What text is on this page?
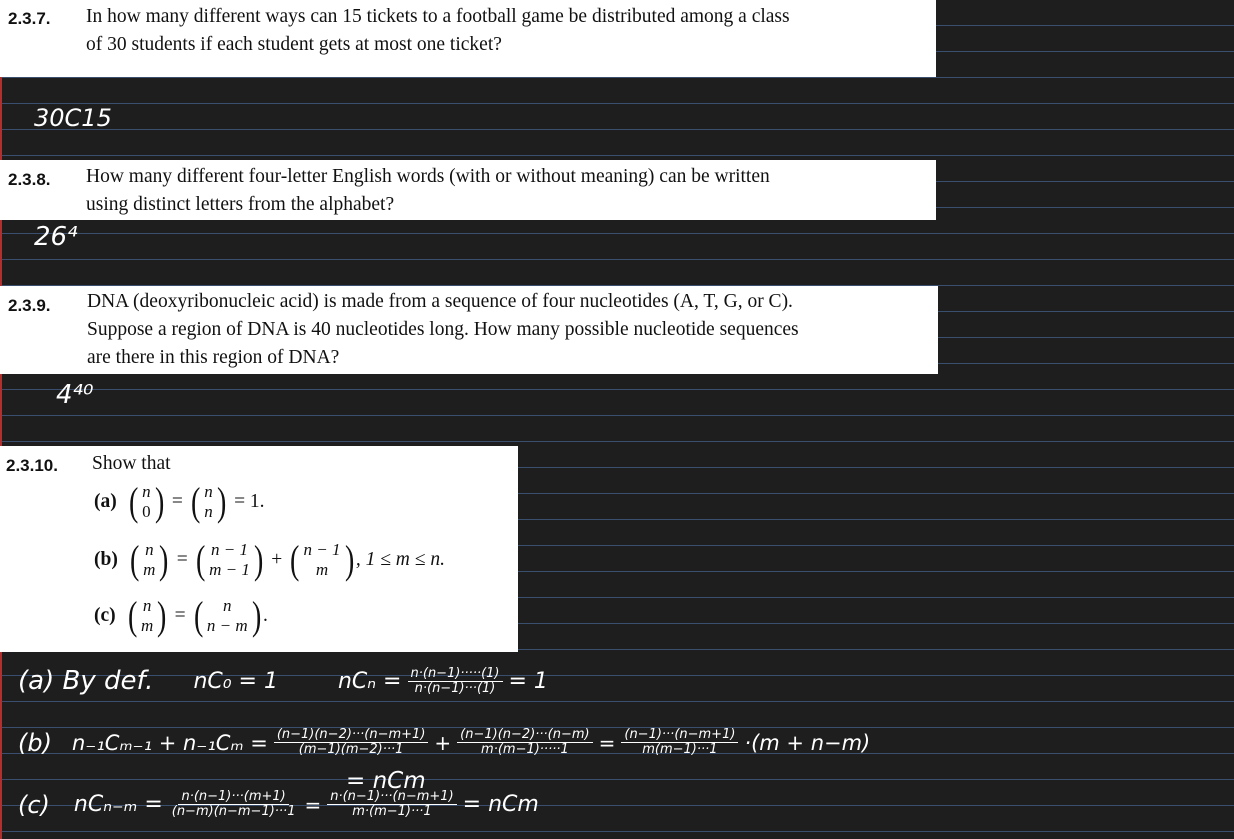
2.3.7. In how many different ways can 15 tickets to a football game be distributed among a class
of 30 students if each student gets at most one ticket?
30C15
2.3.8. How many different four-letter English words (with or without meaning) can be written
using distinct letters from the alphabet?
26⁴
2.3.9. DNA (deoxyribonucleic acid) is made from a sequence of four nucleotides (A, T, G, or C).
Suppose a region of DNA is 40 nucleotides long. How many possible nucleotide sequences
are there in this region of DNA?
4⁴⁰
2.3.10. Show that
(a) ( n
0 ) = ( n
n ) = 1.
(b) ( n
m ) = ( n − 1
m − 1 ) + ( n − 1
m ) , 1 ≤ m ≤ n.
(c) ( n
m ) = ( n
n − m ) .
(a) By def. nC₀ = 1	$nC_n = \frac{n\cdot(n-1)\cdot\cdot\cdot\cdot\cdot(1)}{n\cdot(n-1)\cdot\cdot\cdot(1)} = 1$
(b) $n_{-1}C_{m-1} + n_{-1}C_m = \frac{(n-1)(n-2)\cdot\cdot\cdot(n-m+1)}{(m-1)(m-2)\cdot\cdot\cdot 1} + \frac{(n-1)(n-2)\cdot\cdot\cdot(n-m)}{m\cdot(m-1)\cdot\cdot\cdot\cdot\cdot 1} = \frac{(n-1)\cdot\cdot\cdot(n-m+1)}{m(m-1)\cdot\cdot\cdot 1} \cdot(m + n-m)$
= nCm
(c) $nC_{n-m} = \frac{n\cdot(n-1)\cdot\cdot\cdot(m+1)}{(n-m)(n-m-1)\cdot\cdot\cdot 1} = \frac{n\cdot(n-1)\cdot\cdot\cdot(n-m+1)}{m\cdot(m-1)\cdot\cdot\cdot 1}$ = nCm
